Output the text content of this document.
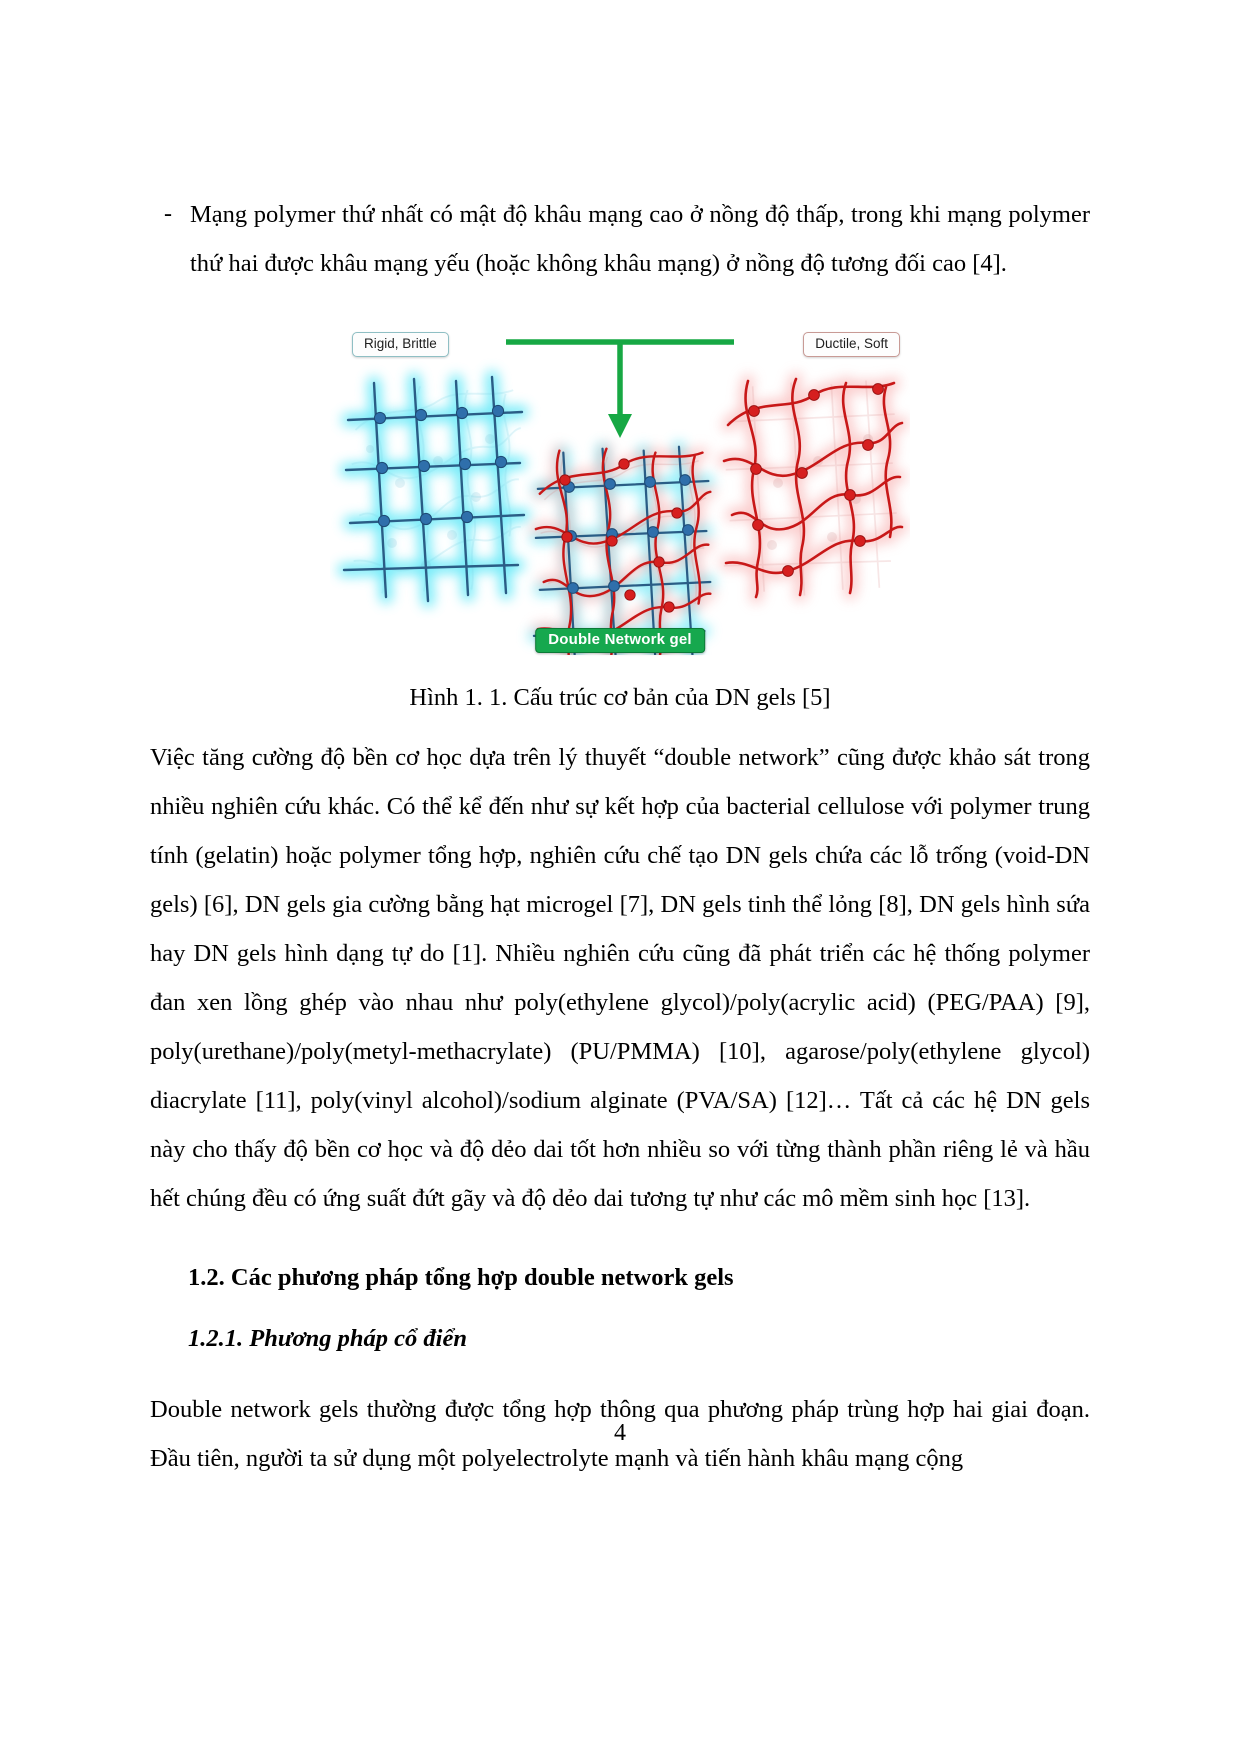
- Mạng polymer thứ nhất có mật độ khâu mạng cao ở nồng độ thấp, trong khi mạng polymer thứ hai được khâu mạng yếu (hoặc không khâu mạng) ở nồng độ tương đối cao [4].
Rigid, Brittle	Ductile, Soft
Double Network gel
Hình 1. 1. Cấu trúc cơ bản của DN gels [5]

Việc tăng cường độ bền cơ học dựa trên lý thuyết “double network” cũng được khảo sát trong nhiều nghiên cứu khác. Có thể kể đến như sự kết hợp của bacterial cellulose với polymer trung tính (gelatin) hoặc polymer tổng hợp, nghiên cứu chế tạo DN gels chứa các lỗ trống (void-DN gels) [6], DN gels gia cường bằng hạt microgel [7], DN gels tinh thể lỏng [8], DN gels hình sứa hay DN gels hình dạng tự do [1]. Nhiều nghiên cứu cũng đã phát triển các hệ thống polymer đan xen lồng ghép vào nhau như poly(ethylene glycol)/poly(acrylic acid) (PEG/PAA) [9], poly(urethane)/poly(metyl-methacrylate) (PU/PMMA) [10], agarose/poly(ethylene glycol) diacrylate [11], poly(vinyl alcohol)/sodium alginate (PVA/SA) [12]… Tất cả các hệ DN gels này cho thấy độ bền cơ học và độ dẻo dai tốt hơn nhiều so với từng thành phần riêng lẻ và hầu hết chúng đều có ứng suất đứt gãy và độ dẻo dai tương tự như các mô mềm sinh học [13].

1.2. Các phương pháp tổng hợp double network gels
1.2.1. Phương pháp cổ điển

Double network gels thường được tổng hợp thông qua phương pháp trùng hợp hai giai đoạn. Đầu tiên, người ta sử dụng một polyelectrolyte mạnh và tiến hành khâu mạng cộng

4
